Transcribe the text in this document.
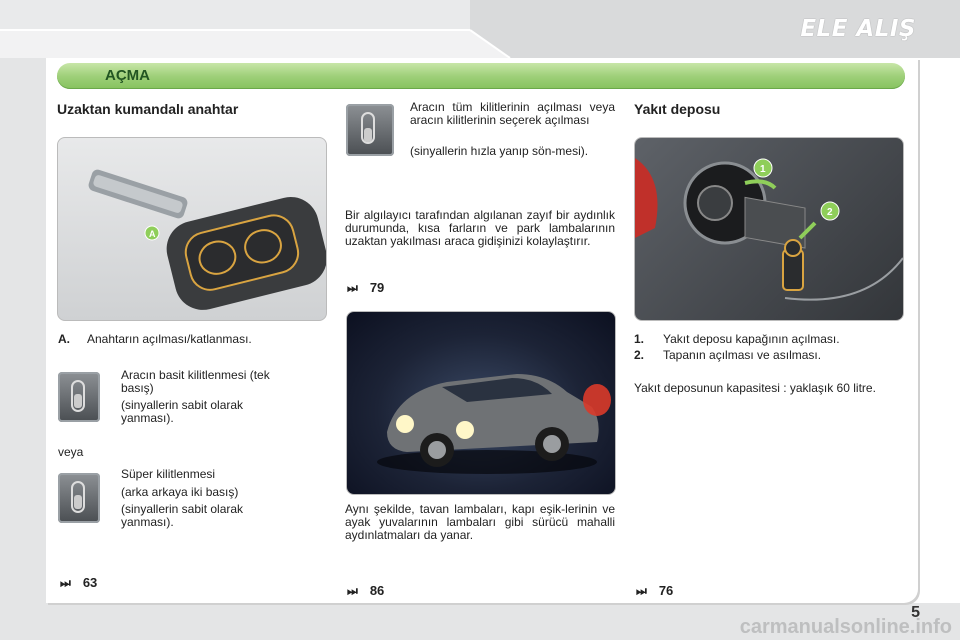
ELE ALIŞ
AÇMA
Uzaktan kumandalı anahtar
A
A. Anahtarın açılması/katlanması.
Aracın basit kilitlenmesi (tek basış)
(sinyallerin sabit olarak yanması).
veya
Süper kilitlenmesi
(arka arkaya iki basış)
(sinyallerin sabit olarak yanması).
⏭ 63
Aracın tüm kilitlerinin açılması veya aracın kilitlerinin seçerek açılması
(sinyallerin hızla yanıp sön-mesi).
Bir algılayıcı tarafından algılanan zayıf bir aydınlık durumunda, kısa farların ve park lambalarının uzaktan yakılması araca gidişinizi kolaylaştırır.
⏭ 79
Aynı şekilde, tavan lambaları, kapı eşik-lerinin ve ayak yuvalarının lambaları gibi sürücü mahalli aydınlatmaları da yanar.
⏭ 86
Yakıt deposu
1
2
1. Yakıt deposu kapağının açılması.
2. Tapanın açılması ve asılması.
Yakıt deposunun kapasitesi : yaklaşık 60 litre.
⏭ 76
5
carmanualsonline.info
